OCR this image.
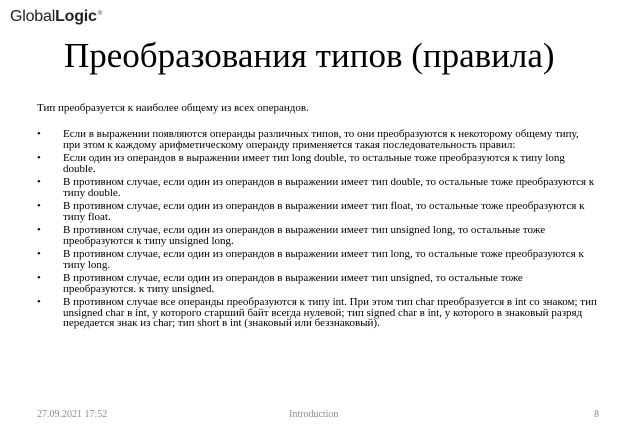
GlobalLogic®
Преобразования типов (правила)

Тип преобразуется к наиболее общему из всех операндов.

• Если в выражении появляются операнды различных типов, то они преобразуются к некоторому общему типу, при этом к каждому арифметическому операнду применяется такая последовательность правил:
• Если один из операндов в выражении имеет тип long double, то остальные тоже преобразуются к типу long double.
• В противном случае, если один из операндов в выражении имеет тип double, то остальные тоже преобразуются к типу double.
• В противном случае, если один из операндов в выражении имеет тип float, то остальные тоже преобразуются к типу float.
• В противном случае, если один из операндов в выражении имеет тип unsigned long, то остальные тоже преобразуются к типу unsigned long.
• В противном случае, если один из операндов в выражении имеет тип long, то остальные тоже преобразуются к типу long.
• В противном случае, если один из операндов в выражении имеет тип unsigned, то остальные тоже преобразуются. к типу unsigned.
• В противном случае все операнды преобразуются к типу int. При этом тип char преобразуется в int со знаком; тип unsigned char в int, у которого старший байт всегда нулевой; тип signed char в int, у которого в знаковый разряд передается знак из char; тип short в int (знаковый или беззнаковый).
27.09.2021 17:52	Introduction	8
